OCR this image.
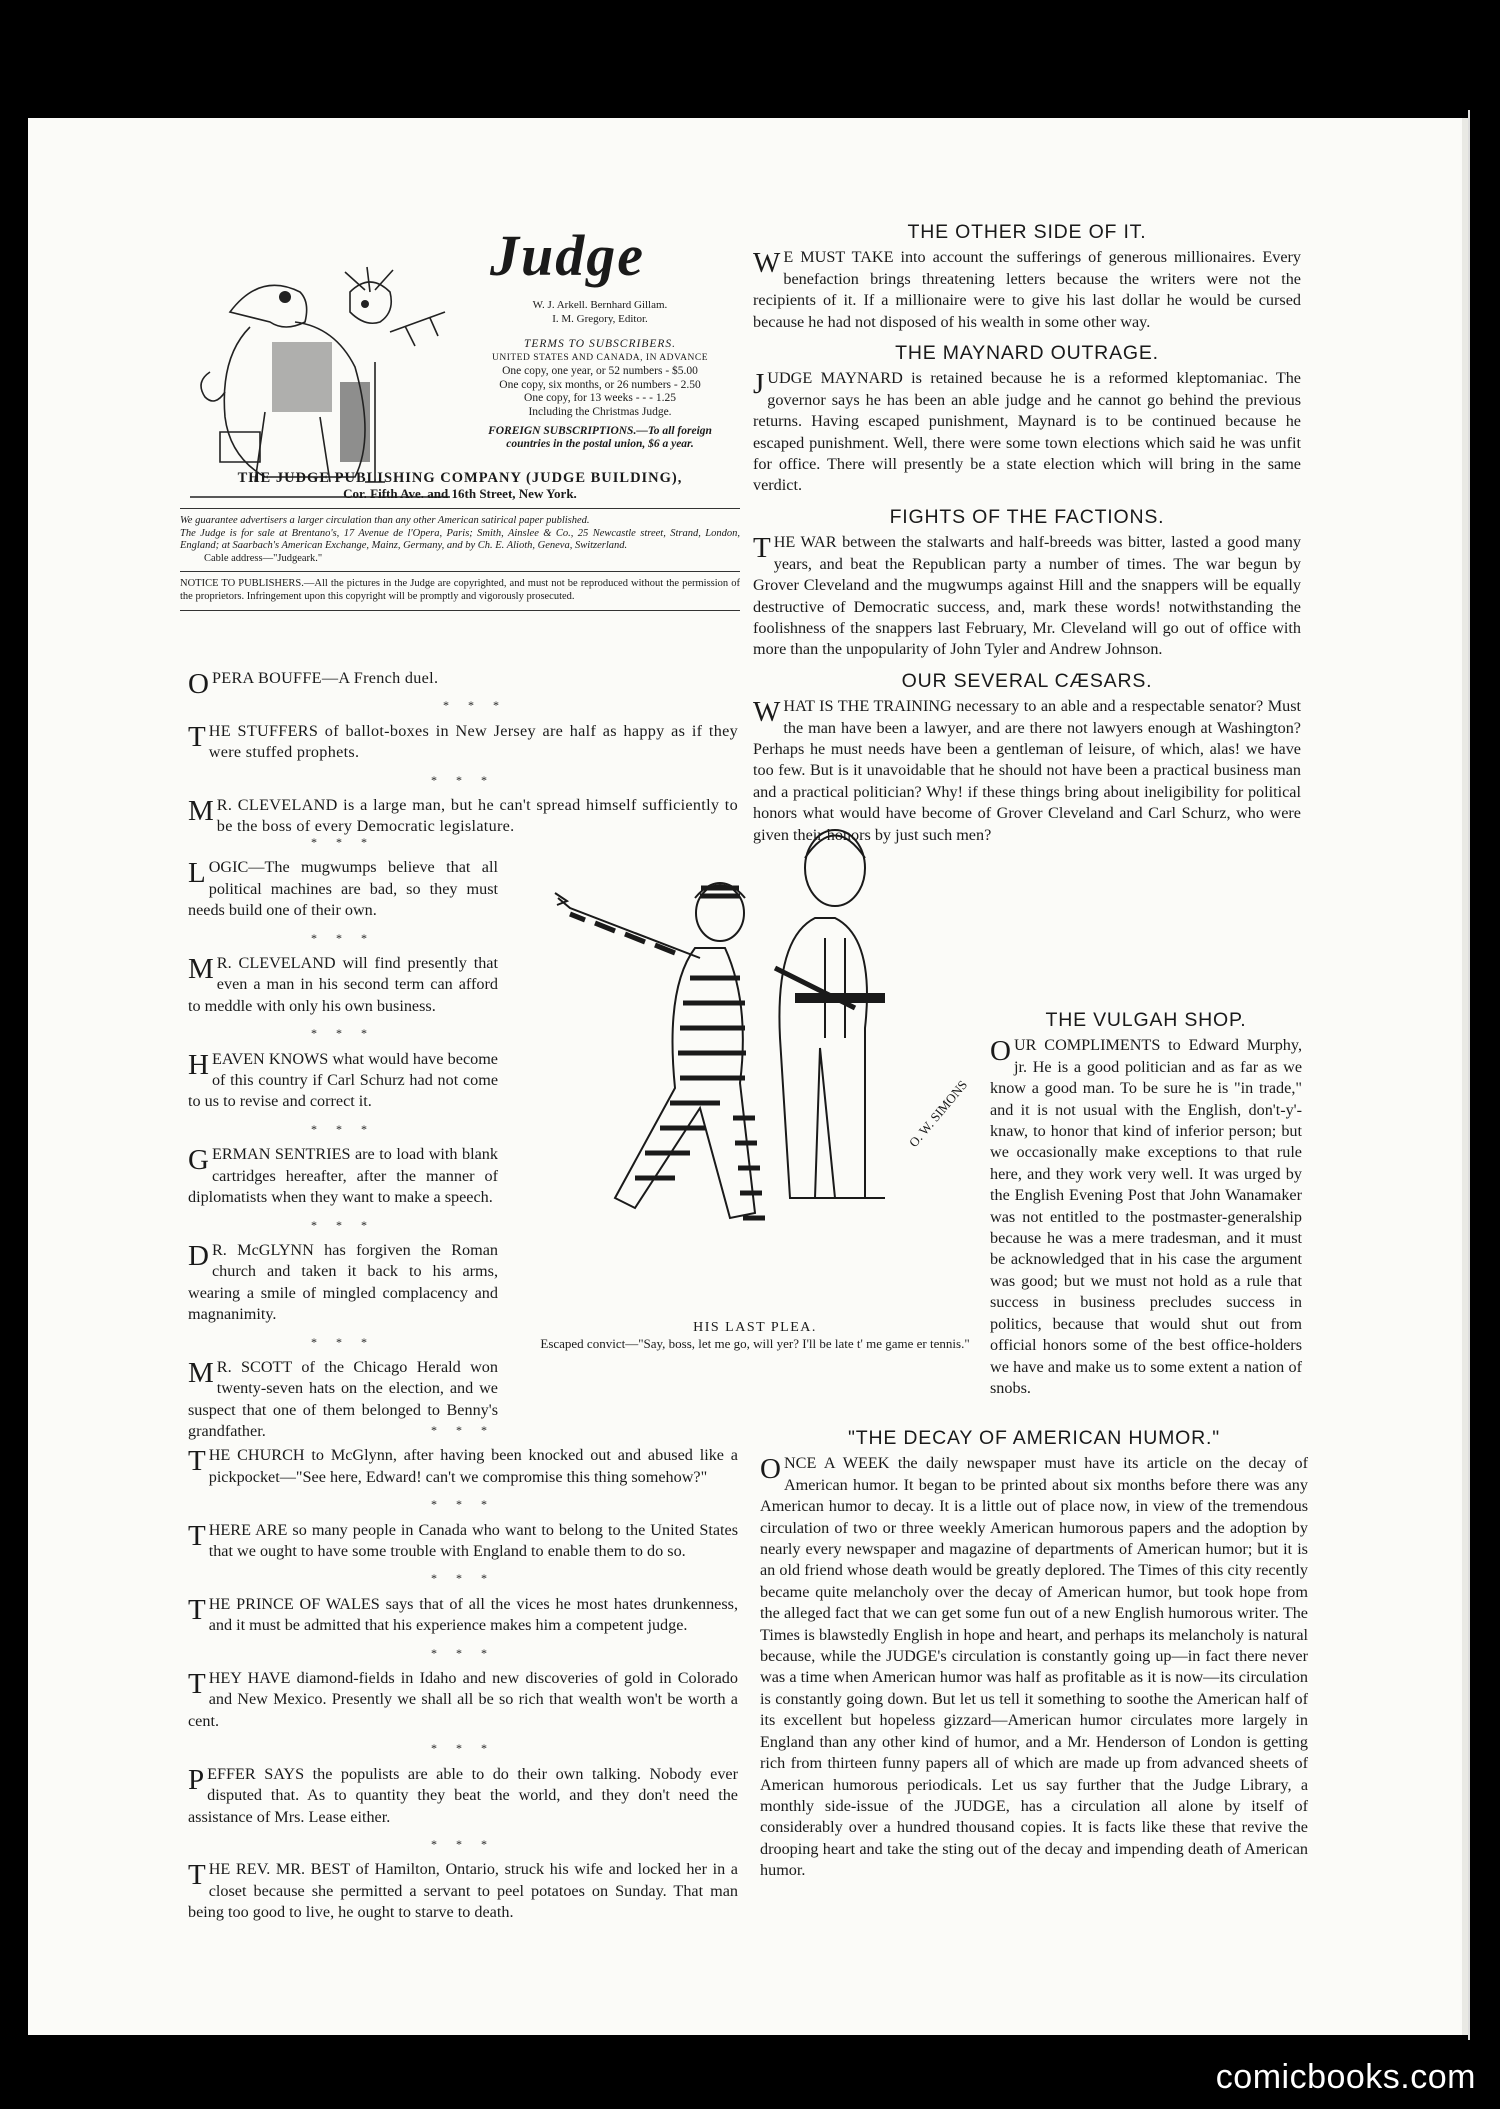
Judge
W. J. Arkell. Bernhard Gillam.
I. M. Gregory, Editor.
TERMS TO SUBSCRIBERS.
UNITED STATES AND CANADA, IN ADVANCE
One copy, one year, or 52 numbers - $5.00
One copy, six months, or 26 numbers - 2.50
One copy, for 13 weeks - - - 1.25
Including the Christmas Judge.
FOREIGN SUBSCRIPTIONS.—To all foreign countries in the postal union, $6 a year.
THE JUDGE PUBLISHING COMPANY (JUDGE BUILDING),
Cor. Fifth Ave. and 16th Street, New York.
We guarantee advertisers a larger circulation than any other American satirical paper published.
The Judge is for sale at Brentano's, 17 Avenue de l'Opera, Paris; Smith, Ainslee & Co., 25 Newcastle street, Strand, London, England; at Saarbach's American Exchange, Mainz, Germany, and by Ch. E. Alioth, Geneva, Switzerland.
Cable address—"Judgeark."
NOTICE TO PUBLISHERS.—All the pictures in the Judge are copyrighted, and must not be reproduced without the permission of the proprietors. Infringement upon this copyright will be promptly and vigorously prosecuted.

OPERA BOUFFE—A French duel.

* * *

THE STUFFERS of ballot-boxes in New Jersey are half as happy as if they were stuffed prophets.

* * *

M R. CLEVELAND is a large man, but he can't spread himself sufficiently to be the boss of every Democratic legislature.

* * *

LOGIC—The mugwumps believe that all political machines are bad, so they must needs build one of their own.

* * *

M R. CLEVELAND will find presently that even a man in his second term can afford to meddle with only his own business.

* * *

HEAVEN KNOWS what would have become of this country if Carl Schurz had not come to us to revise and correct it.

* * *

GERMAN SENTRIES are to load with blank cartridges hereafter, after the manner of diplomatists when they want to make a speech.

* * *

D R. McGLYNN has forgiven the Roman church and taken it back to his arms, wearing a smile of mingled complacency and magnanimity.

* * *

M R. SCOTT of the Chicago Herald won twenty-seven hats on the election, and we suspect that one of them belonged to Benny's grandfather.

O. W. SIMONS
HIS LAST PLEA.
Escaped convict—"Say, boss, let me go, will yer? I'll be late t' me game er tennis."
* * *

THE CHURCH to McGlynn, after having been knocked out and abused like a pickpocket—"See here, Edward! can't we compromise this thing somehow?"

* * *

THERE ARE so many people in Canada who want to belong to the United States that we ought to have some trouble with England to enable them to do so.

* * *

THE PRINCE OF WALES says that of all the vices he most hates drunkenness, and it must be admitted that his experience makes him a competent judge.

* * *

THEY HAVE diamond-fields in Idaho and new discoveries of gold in Colorado and New Mexico. Presently we shall all be so rich that wealth won't be worth a cent.

* * *

PEFFER SAYS the populists are able to do their own talking. Nobody ever disputed that. As to quantity they beat the world, and they don't need the assistance of Mrs. Lease either.

* * *

THE REV. MR. BEST of Hamilton, Ontario, struck his wife and locked her in a closet because she permitted a servant to peel potatoes on Sunday. That man being too good to live, he ought to starve to death.

THE OTHER SIDE OF IT.

W E MUST TAKE into account the sufferings of generous millionaires. Every benefaction brings threatening letters because the writers were not the recipients of it. If a millionaire were to give his last dollar he would be cursed because he had not disposed of his wealth in some other way.

THE MAYNARD OUTRAGE.

JUDGE MAYNARD is retained because he is a reformed kleptomaniac. The governor says he has been an able judge and he cannot go behind the previous returns. Having escaped punishment, Maynard is to be continued because he escaped punishment. Well, there were some town elections which said he was unfit for office. There will presently be a state election which will bring in the same verdict.

FIGHTS OF THE FACTIONS.

THE WAR between the stalwarts and half-breeds was bitter, lasted a good many years, and beat the Republican party a number of times. The war begun by Grover Cleveland and the mugwumps against Hill and the snappers will be equally destructive of Democratic success, and, mark these words! notwithstanding the foolishness of the snappers last February, Mr. Cleveland will go out of office with more than the unpopularity of John Tyler and Andrew Johnson.

OUR SEVERAL CÆSARS.

WHAT IS THE TRAINING necessary to an able and a respectable senator? Must the man have been a lawyer, and are there not lawyers enough at Washington? Perhaps he must needs have been a gentleman of leisure, of which, alas! we have too few. But is it unavoidable that he should not have been a practical business man and a practical politician? Why! if these things bring about ineligibility for political honors what would have become of Grover Cleveland and Carl Schurz, who were given their honors by just such men?

THE VULGAH SHOP.

OUR COMPLIMENTS to Edward Murphy, jr. He is a good politician and as far as we know a good man. To be sure he is "in trade," and it is not usual with the English, don't-y'-knaw, to honor that kind of inferior person; but we occasionally make exceptions to that rule here, and they work very well. It was urged by the English Evening Post that John Wanamaker was not entitled to the postmaster-generalship because he was a mere tradesman, and it must be acknowledged that in his case the argument was good; but we must not hold as a rule that success in business precludes success in politics, because that would shut out from official honors some of the best office-holders we have and make us to some extent a nation of snobs.

"THE DECAY OF AMERICAN HUMOR."

ONCE A WEEK the daily newspaper must have its article on the decay of American humor. It began to be printed about six months before there was any American humor to decay. It is a little out of place now, in view of the tremendous circulation of two or three weekly American humorous papers and the adoption by nearly every newspaper and magazine of departments of American humor; but it is an old friend whose death would be greatly deplored. The Times of this city recently became quite melancholy over the decay of American humor, but took hope from the alleged fact that we can get some fun out of a new English humorous writer. The Times is blawstedly English in hope and heart, and perhaps its melancholy is natural because, while the JUDGE's circulation is constantly going up—in fact there never was a time when American humor was half as profitable as it is now—its circulation is constantly going down. But let us tell it something to soothe the American half of its excellent but hopeless gizzard—American humor circulates more largely in England than any other kind of humor, and a Mr. Henderson of London is getting rich from thirteen funny papers all of which are made up from advanced sheets of American humorous periodicals. Let us say further that the Judge Library, a monthly side-issue of the JUDGE, has a circulation all alone by itself of considerably over a hundred thousand copies. It is facts like these that revive the drooping heart and take the sting out of the decay and impending death of American humor.

comicbooks.com
